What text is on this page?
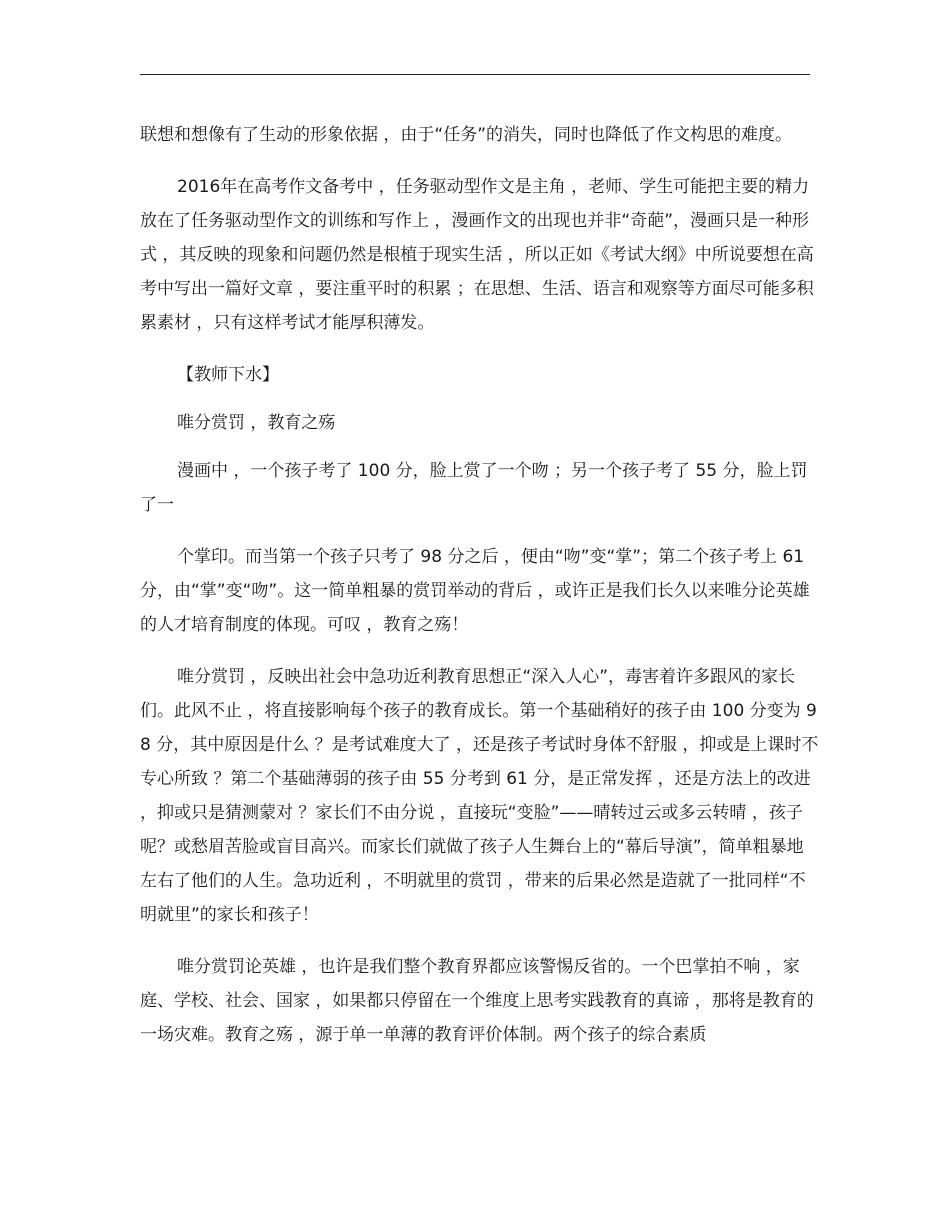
联想和想像有了生动的形象依据 ，由于“任务”的消失，同时也降低了作文构思的难度。

2016年在高考作文备考中 ，任务驱动型作文是主角 ，老师、学生可能把主要的精力放在了任务驱动型作文的训练和写作上 ，漫画作文的出现也并非“奇葩”，漫画只是一种形式 ，其反映的现象和问题仍然是根植于现实生活 ，所以正如《考试大纲》中所说要想在高考中写出一篇好文章 ，要注重平时的积累 ；在思想、生活、语言和观察等方面尽可能多积累素材 ，只有这样考试才能厚积薄发。

【教师下水】

唯分赏罚 ，教育之殇

漫画中 ，一个孩子考了 100 分，脸上赏了一个吻 ；另一个孩子考了 55 分，脸上罚了一

个掌印。而当第一个孩子只考了 98 分之后 ，便由“吻”变“掌”；第二个孩子考上 61 分，由“掌”变“吻”。这一简单粗暴的赏罚举动的背后 ，或许正是我们长久以来唯分论英雄的人才培育制度的体现。可叹 ，教育之殇！

唯分赏罚 ，反映出社会中急功近利教育思想正“深入人心”，毒害着许多跟风的家长们。此风不止 ，将直接影响每个孩子的教育成长。第一个基础稍好的孩子由 100 分变为 98 分，其中原因是什么 ？是考试难度大了 ，还是孩子考试时身体不舒服 ，抑或是上课时不专心所致 ？第二个基础薄弱的孩子由 55 分考到 61 分，是正常发挥 ，还是方法上的改进 ，抑或只是猜测蒙对 ？家长们不由分说 ，直接玩“变脸”——晴转过云或多云转晴 ，孩子呢？或愁眉苦脸或盲目高兴。而家长们就做了孩子人生舞台上的“幕后导演”，简单粗暴地左右了他们的人生。急功近利 ，不明就里的赏罚 ，带来的后果必然是造就了一批同样“不明就里”的家长和孩子！

唯分赏罚论英雄 ，也许是我们整个教育界都应该警惕反省的。一个巴掌拍不响 ，家庭、学校、社会、国家 ，如果都只停留在一个维度上思考实践教育的真谛 ，那将是教育的一场灾难。教育之殇 ，源于单一单薄的教育评价体制。两个孩子的综合素质
